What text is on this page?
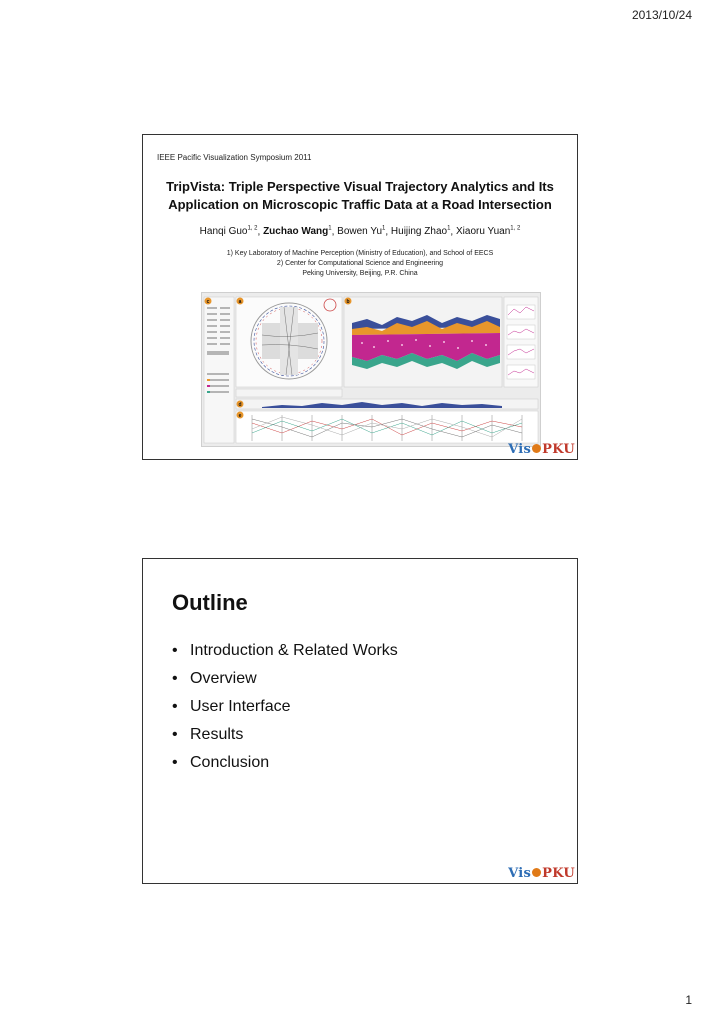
2013/10/24
IEEE Pacific Visualization Symposium 2011
TripVista: Triple Perspective Visual Trajectory Analytics and Its
Application on Microscopic Traffic Data at a Road Intersection
Hanqi Guo$^{1, 2}$, Zuchao Wang$^1$, Bowen Yu$^1$, Huijing Zhao$^1$, Xiaoru Yuan$^{1, 2}$
1) Key Laboratory of Machine Perception (Ministry of Education), and School of EECS
2) Center for Computational Science and Engineering
Peking University, Beijing, P.R. China
c	a	b
d
e
Vis PKU
Outline
• Introduction & Related Works
• Overview
• User Interface
• Results
• Conclusion
Vis PKU
1
